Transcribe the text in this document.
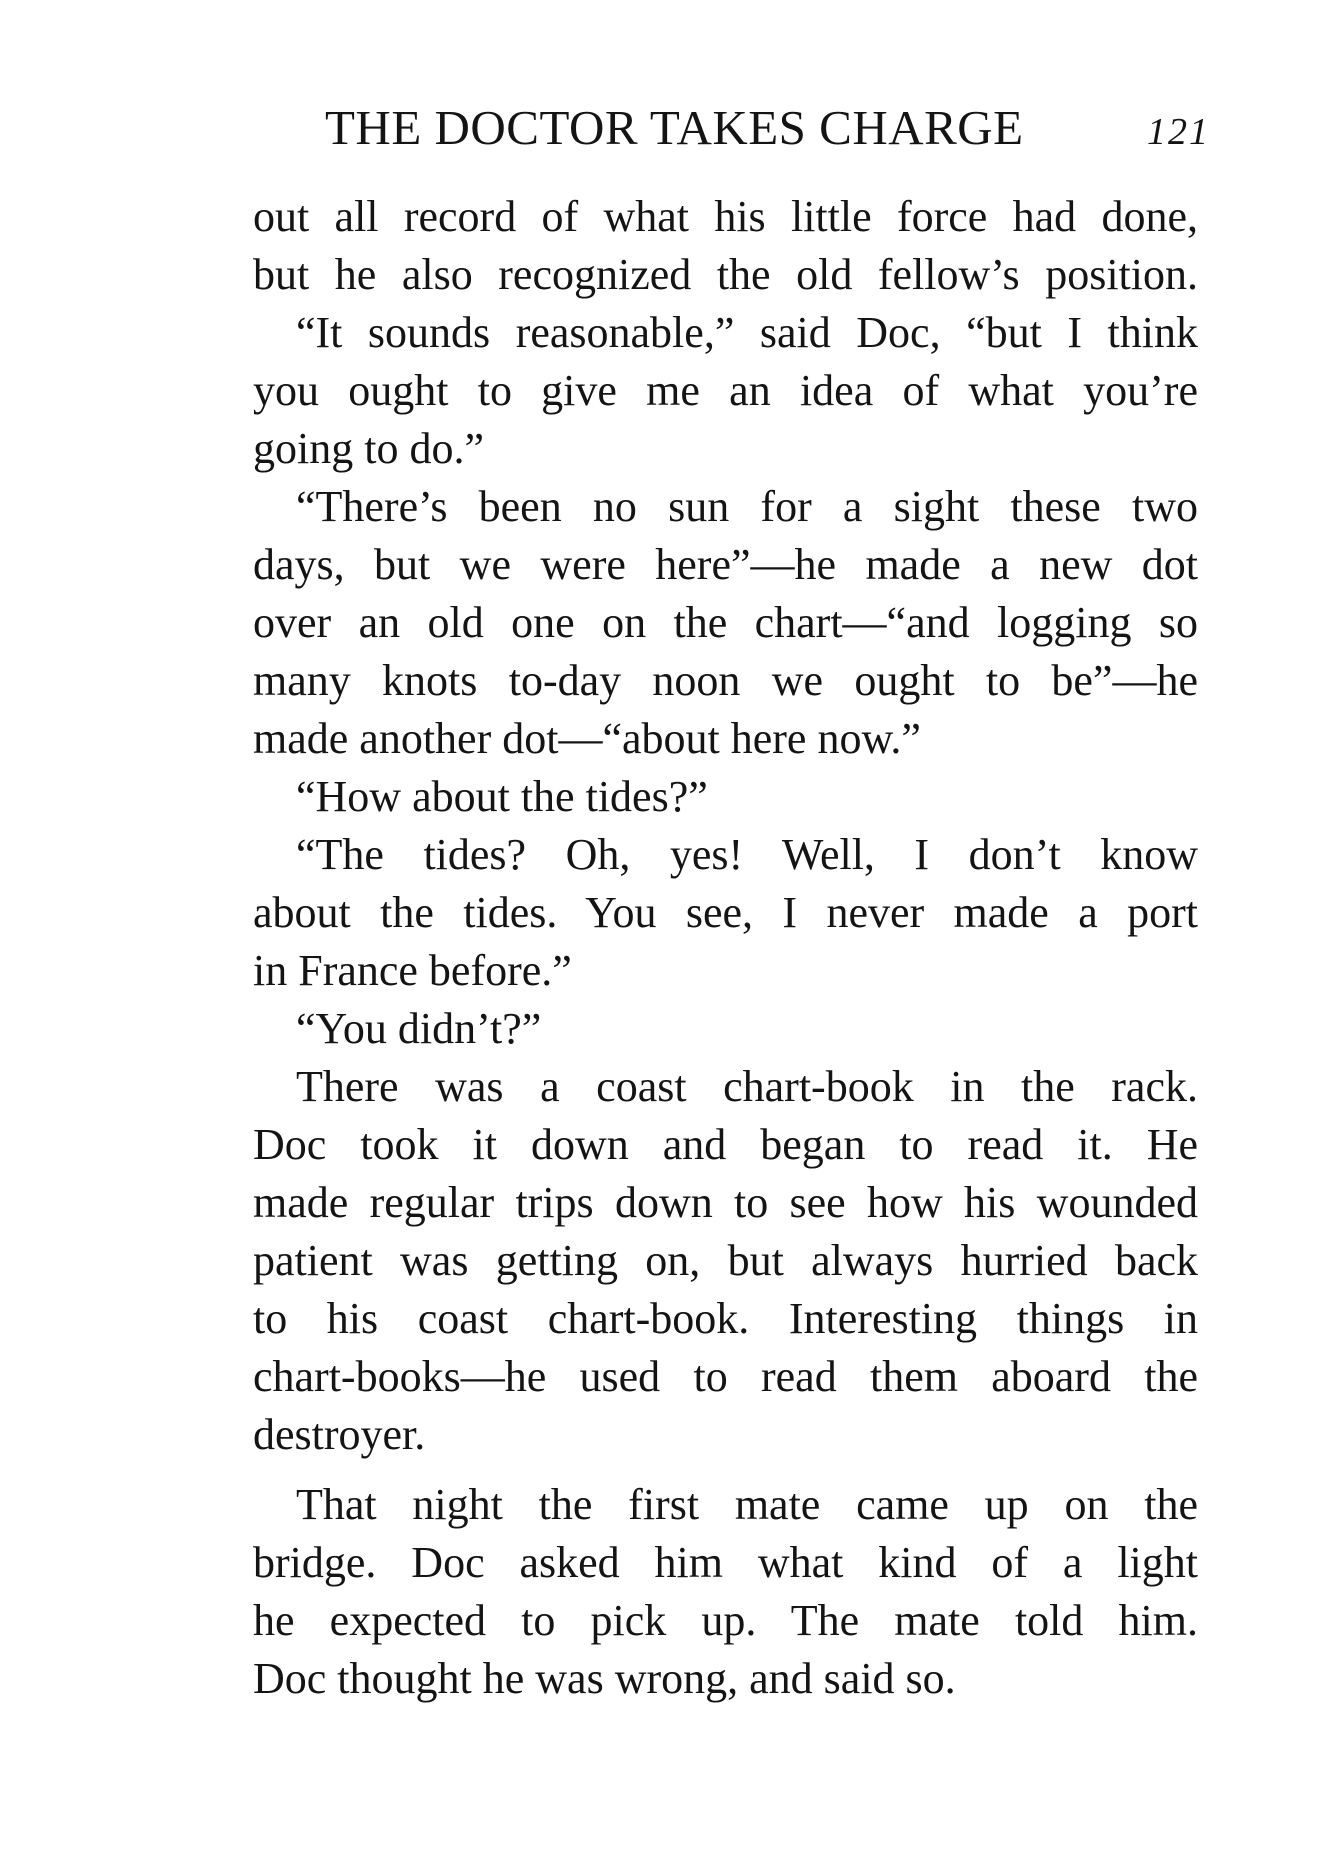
THE DOCTOR TAKES CHARGE	121
out all record of what his little force had done,
but he also recognized the old fellow’s position.
“It sounds reasonable,” said Doc, “but I think
you ought to give me an idea of what you’re
going to do.”
“There’s been no sun for a sight these two
days, but we were here”—he made a new dot
over an old one on the chart—“and logging so
many knots to-day noon we ought to be”—he
made another dot—“about here now.”
“How about the tides?”
“The tides? Oh, yes! Well, I don’t know
about the tides. You see, I never made a port
in France before.”
“You didn’t?”
There was a coast chart-book in the rack.
Doc took it down and began to read it. He
made regular trips down to see how his wounded
patient was getting on, but always hurried back
to his coast chart-book. Interesting things in
chart-books—he used to read them aboard the
destroyer.
That night the first mate came up on the
bridge. Doc asked him what kind of a light
he expected to pick up. The mate told him.
Doc thought he was wrong, and said so.
